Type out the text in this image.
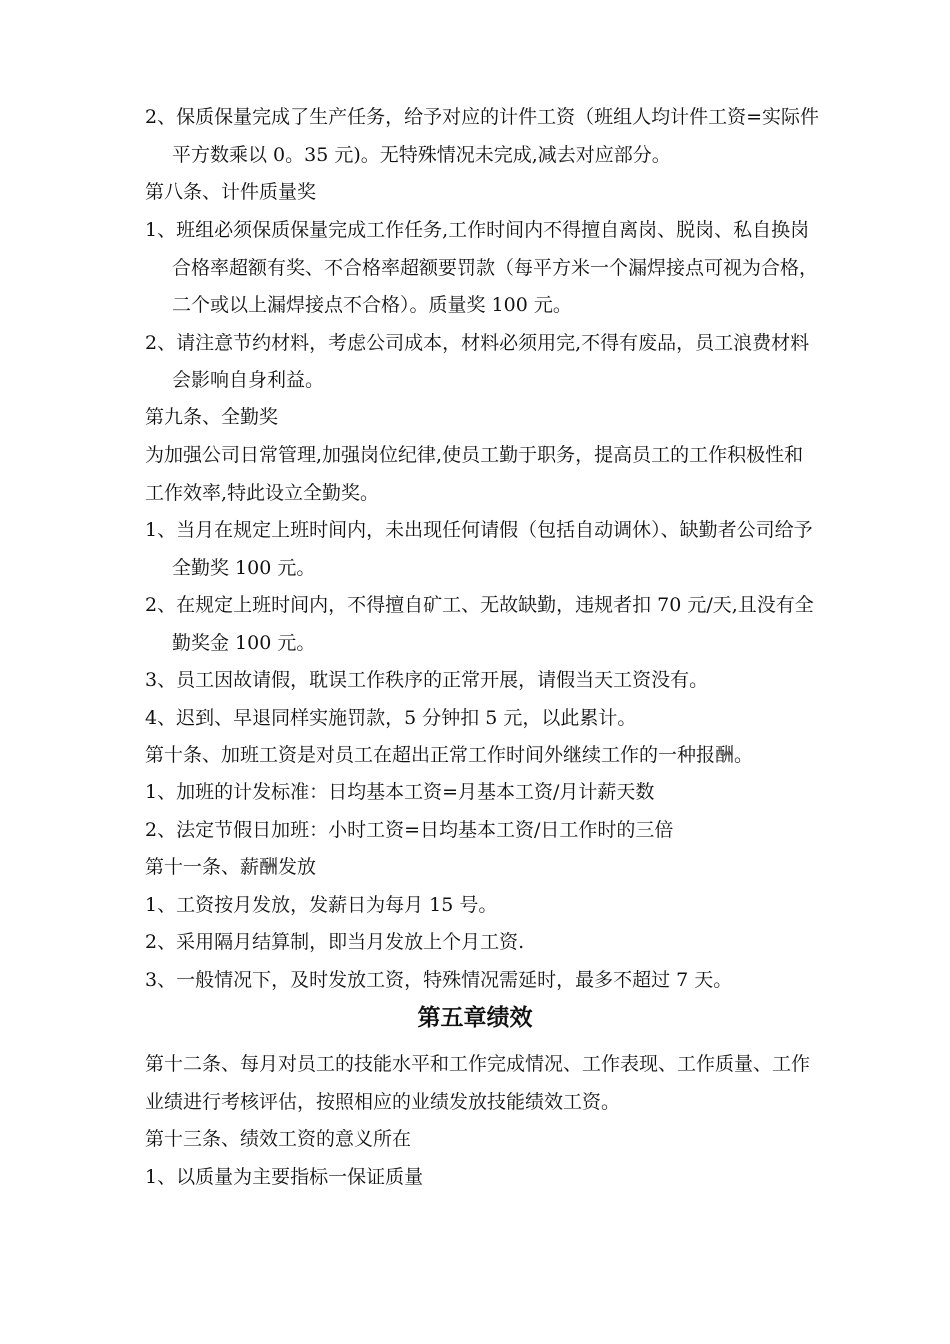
2、保质保量完成了生产任务，给予对应的计件工资（班组人均计件工资=实际件
平方数乘以 0。35 元)。无特殊情况未完成,减去对应部分。
第八条、计件质量奖
1、班组必须保质保量完成工作任务,工作时间内不得擅自离岗、脱岗、私自换岗
合格率超额有奖、不合格率超额要罚款（每平方米一个漏焊接点可视为合格，
二个或以上漏焊接点不合格）。质量奖 100 元。
2、请注意节约材料，考虑公司成本，材料必须用完,不得有废品，员工浪费材料
会影响自身利益。
第九条、全勤奖
为加强公司日常管理,加强岗位纪律,使员工勤于职务，提高员工的工作积极性和
工作效率,特此设立全勤奖。
1、当月在规定上班时间内，未出现任何请假（包括自动调休）、缺勤者公司给予
全勤奖 100 元。
2、在规定上班时间内，不得擅自矿工、无故缺勤，违规者扣 70 元/天,且没有全
勤奖金 100 元。
3、员工因故请假，耽误工作秩序的正常开展，请假当天工资没有。
4、迟到、早退同样实施罚款，5 分钟扣 5 元，以此累计。
第十条、加班工资是对员工在超出正常工作时间外继续工作的一种报酬。
1、加班的计发标准：日均基本工资=月基本工资/月计薪天数
2、法定节假日加班：小时工资=日均基本工资/日工作时的三倍
第十一条、薪酬发放
1、工资按月发放，发薪日为每月 15 号。
2、采用隔月结算制，即当月发放上个月工资.
3、一般情况下，及时发放工资，特殊情况需延时，最多不超过 7 天。
第五章绩效
第十二条、每月对员工的技能水平和工作完成情况、工作表现、工作质量、工作
业绩进行考核评估，按照相应的业绩发放技能绩效工资。
第十三条、绩效工资的意义所在
1、以质量为主要指标一保证质量
